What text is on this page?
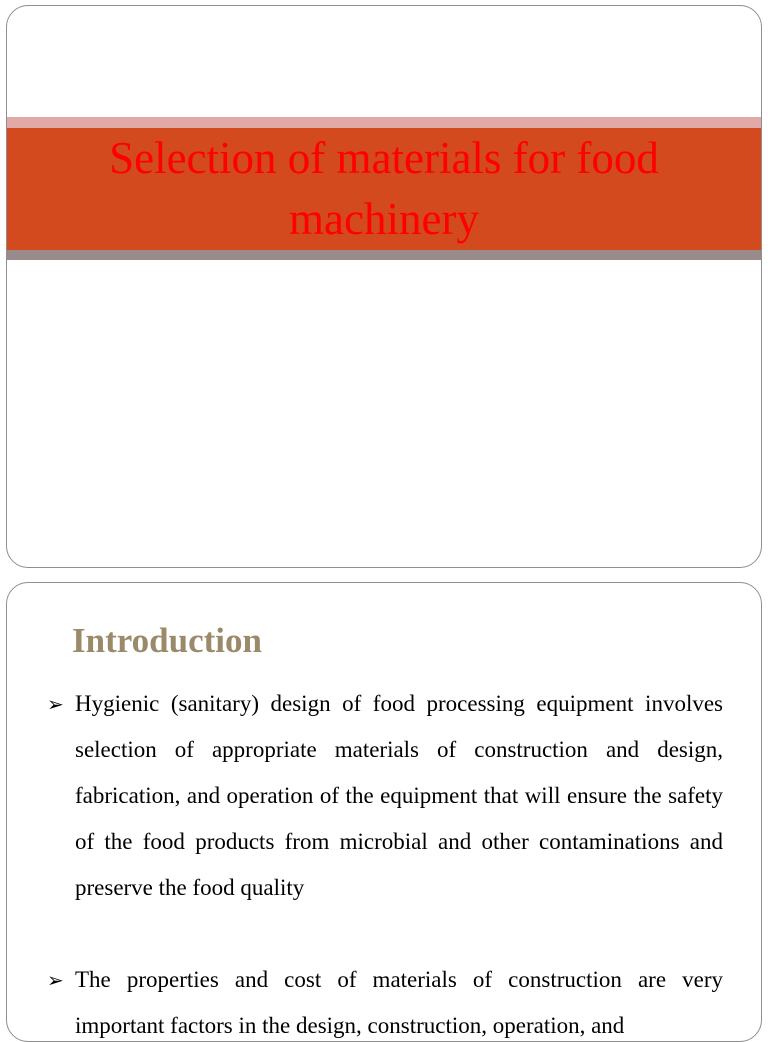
Selection of materials for food machinery
Introduction
➢ Hygienic (sanitary) design of food processing equipment involves selection of appropriate materials of construction and design, fabrication, and operation of the equipment that will ensure the safety of the food products from microbial and other contaminations and preserve the food quality
➢ The properties and cost of materials of construction are very important factors in the design, construction, operation, and
